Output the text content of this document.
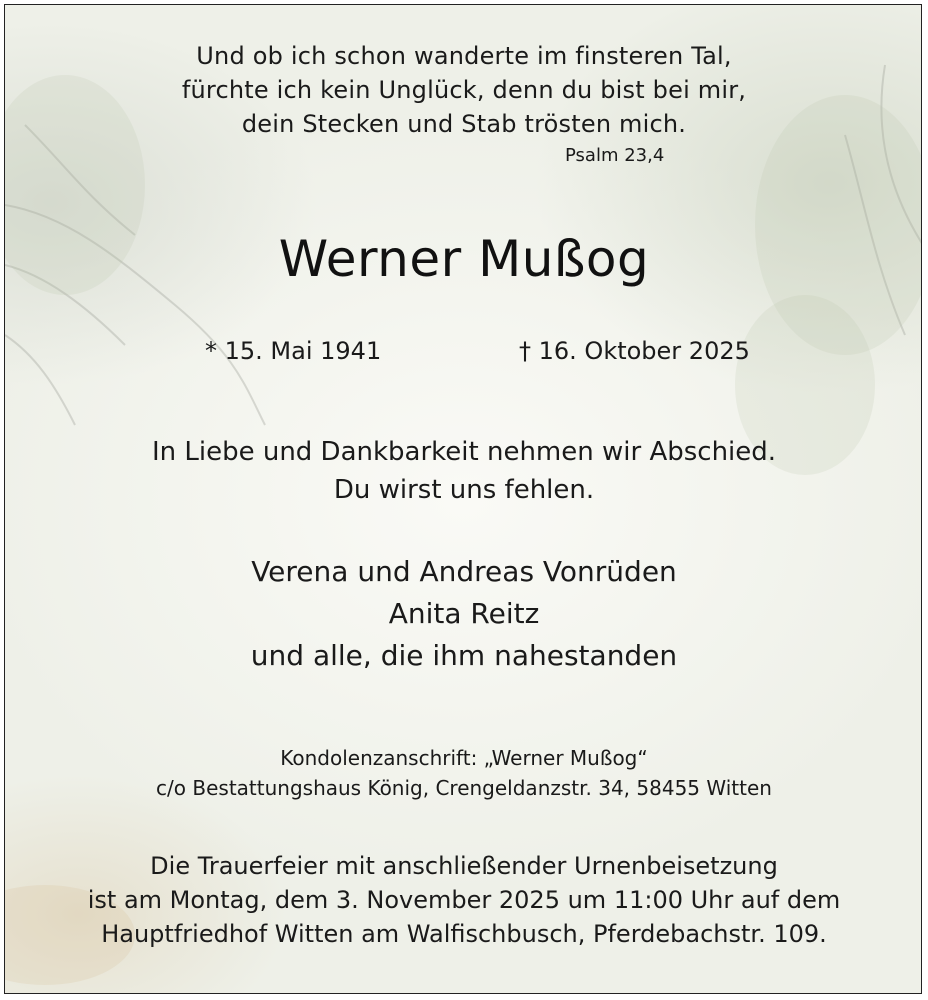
Und ob ich schon wanderte im finsteren Tal,
fürchte ich kein Unglück, denn du bist bei mir,
dein Stecken und Stab trösten mich.
Psalm 23,4
Werner Mußog
* 15. Mai 1941	† 16. Oktober 2025
In Liebe und Dankbarkeit nehmen wir Abschied.
Du wirst uns fehlen.
Verena und Andreas Vonrüden
Anita Reitz
und alle, die ihm nahestanden
Kondolenzanschrift: „Werner Mußog“
c/o Bestattungshaus König, Crengeldanzstr. 34, 58455 Witten
Die Trauerfeier mit anschließender Urnenbeisetzung
ist am Montag, dem 3. November 2025 um 11:00 Uhr auf dem
Hauptfriedhof Witten am Walfischbusch, Pferdebachstr. 109.
